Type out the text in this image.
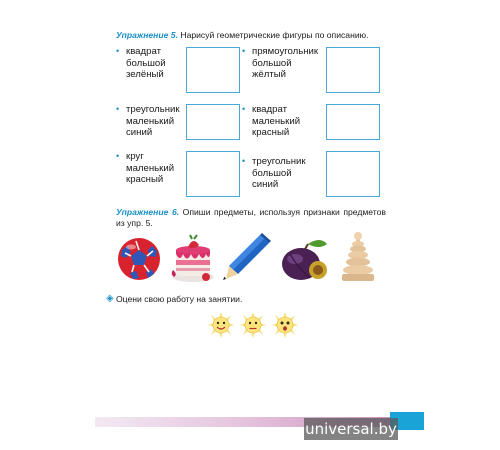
Упражнение 5. Нарисуй геометрические фигуры по описанию.
• квадрат
большой
зелёный
• прямоугольник
большой
жёлтый
• треугольник
маленький
синий
• квадрат
маленький
красный
• круг
маленький
красный
• треугольник
большой
синий
Упражнение 6. Опиши предметы, используя признаки предметов из упр. 5.
◈ Оцени свою работу на занятии.
universal.by
